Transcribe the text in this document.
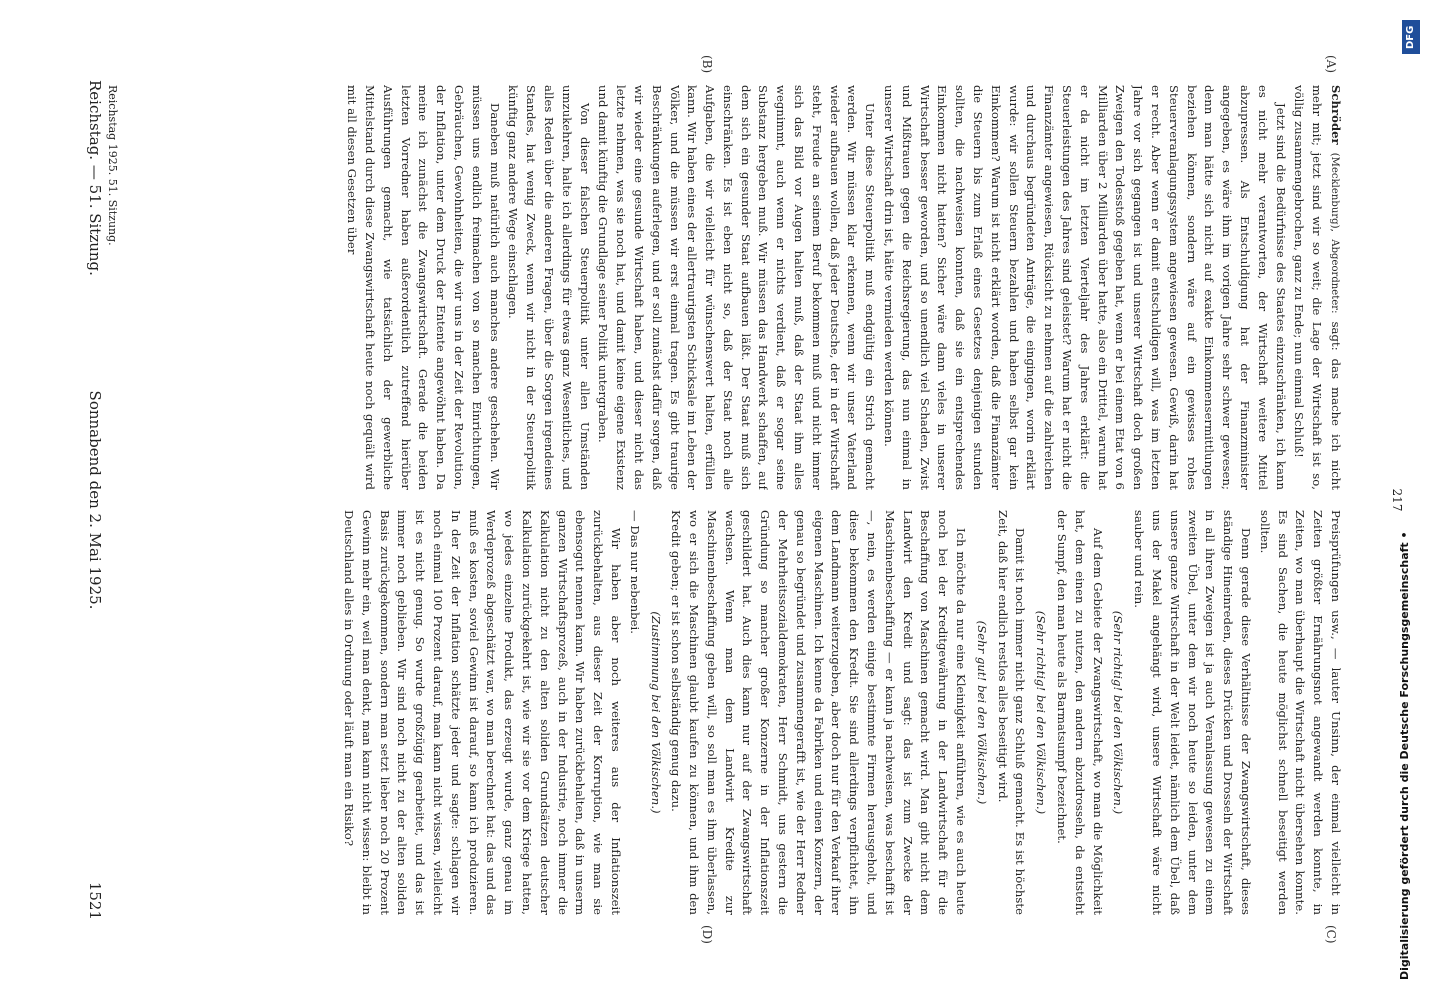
Reichstag. — 51. Sitzung.
Sonnabend den 2. Mai 1925.
1521
217
(A)
(B)
(C)
(D)

Schröder (Mecklenburg), Abgeordneter: sagt: das mache ich nicht mehr mit; jetzt sind wir so weit; die Lage der Wirtschaft ist so, völlig zusammengebrochen, ganz zu Ende; nun einmal Schluß!

Jetzt sind die Bedürfnisse des Staates einzuschränken, ich kann es nicht mehr verantworten, der Wirtschaft weitere Mittel abzupressen. Als Entschuldigung hat der Finanzminister angegeben, es wäre ihm im vorigen Jahre sehr schwer gewesen; denn man hätte sich nicht auf exakte Einkommensermittlungen beziehen können, sondern wäre auf ein gewisses rohes Steuerveranlagungssystem angewiesen gewesen. Gewiß, darin hat er recht. Aber wenn er damit entschuldigen will, was im letzten Jahre vor sich gegangen ist und unserer Wirtschaft doch großen Zweigen den Todesstoß gegeben hat, wenn er bei einem Etat von 6 Milliarden über 2 Milliarden über hatte, also ein Drittel, warum hat er da nicht im letzten Vierteljahr des Jahres erklärt: die Steuerleistungen des Jahres sind geleistet? Warum hat er nicht die Finanzämter angewiesen, Rücksicht zu nehmen auf die zahlreichen und durchaus begründeten Anträge, die eingingen, worin erklärt wurde: wir sollen Steuern bezahlen und haben selbst gar kein Einkommen? Warum ist nicht erklärt worden, daß die Finanzämter die Steuern bis zum Erlaß eines Gesetzes denjenigen stunden sollten, die nachweisen konnten, daß sie ein entsprechendes Einkommen nicht hatten? Sicher wäre dann vieles in unserer Wirtschaft besser geworden, und so unendlich viel Schaden, Zwist und Mißtrauen gegen die Reichsregierung, das nun einmal in unserer Wirtschaft drin ist, hätte vermieden werden können.

Unter diese Steuerpolitik muß endgültig ein Strich gemacht werden. Wir müssen klar erkennen, wenn wir unser Vaterland wieder aufbauen wollen, daß jeder Deutsche, der in der Wirtschaft steht, Freude an seinem Beruf bekommen muß und nicht immer sich das Bild vor Augen halten muß, daß der Staat ihm alles wegnimmt, auch wenn er nichts verdient, daß er sogar seine Substanz hergeben muß. Wir müssen das Handwerk schaffen, auf dem sich ein gesunder Staat aufbauen läßt. Der Staat muß sich einschränken. Es ist eben nicht so, daß der Staat noch alle Aufgaben, die wir vielleicht für wünschenswert halten, erfüllen kann. Wir haben eines der allertraurigsten Schicksale im Leben der Völker, und die müssen wir erst einmal tragen. Es gibt traurige Beschränkungen auferlegen, und er soll zunächst dafür sorgen, daß wir wieder eine gesunde Wirtschaft haben, und dieser nicht das letzte nehmen, was sie noch hat, und damit keine eigene Existenz und damit künftig die Grundlage seiner Politik untergraben.

Von dieser falschen Steuerpolitik unter allen Umständen umzukehren, halte ich allerdings für etwas ganz Wesentliches, und alles Reden über die anderen Fragen, über die Sorgen irgendeines Standes, hat wenig Zweck, wenn wir nicht in der Steuerpolitik künftig ganz andere Wege einschlagen.

Daneben muß natürlich auch manches andere geschehen. Wir müssen uns endlich freimachen von so manchen Einrichtungen, Gebräuchen, Gewohnheiten, die wir uns in der Zeit der Revolution, der Inflation, unter dem Druck der Entente angewöhnt haben. Da meine ich zunächst die Zwangswirtschaft. Gerade die beiden letzten Vorredner haben außerordentlich zutreffend hierüber Ausführungen gemacht, wie tatsächlich der gewerbliche Mittelstand durch diese Zwangswirtschaft heute noch gequält wird mit all diesen Gesetzen über

Preisprüfungen usw., — lauter Unsinn, der einmal vielleicht in Zeiten größter Ernährungsnot angewandt werden konnte, in Zeiten, wo man überhaupt die Wirtschaft nicht übersehen konnte. Es sind Sachen, die heute möglichst schnell beseitigt werden sollten.

Denn gerade diese Verhältnisse der Zwangswirtschaft, dieses ständige Hineinreden, dieses Drücken und Drosseln der Wirtschaft in all ihren Zweigen ist ja auch Veranlassung gewesen zu einem zweiten Übel, unter dem wir noch heute so leiden, unter dem unsere ganze Wirtschaft in der Welt leidet, nämlich dem Übel, daß uns der Makel angehängt wird, unsere Wirtschaft wäre nicht sauber und rein.

(Sehr richtig! bei den Völkischen.)

Auf dem Gebiete der Zwangswirtschaft, wo man die Möglichkeit hat, dem einen zu nutzen, den andern abzudrosseln, da entsteht der Sumpf, den man heute als Barmatsumpf bezeichnet.

(Sehr richtig! bei den Völkischen.)

Damit ist noch immer nicht ganz Schluß gemacht. Es ist höchste Zeit, daß hier endlich restlos alles beseitigt wird.

(Sehr gut! bei den Völkischen.)

Ich möchte da nur eine Kleinigkeit anführen, wie es auch heute noch bei der Kreditgewährung in der Landwirtschaft für die Beschaffung von Maschinen gemacht wird. Man gibt nicht dem Landwirt den Kredit und sagt: das ist zum Zwecke der Maschinenbeschaffung — er kann ja nachweisen, was beschafft ist —, nein, es werden einige bestimmte Firmen herausgeholt, und diese bekommen den Kredit. Sie sind allerdings verpflichtet, ihn dem Landmann weiterzugeben, aber doch nur für den Verkauf ihrer eigenen Maschinen. Ich kenne da Fabriken und einen Konzern, der genau so begründet und zusammengerafft ist, wie der Herr Redner der Mehrheitssozialdemokraten, Herr Schmidt, uns gestern die Gründung so mancher großer Konzerne in der Inflationszeit geschildert hat. Auch dies kann nur auf der Zwangswirtschaft wachsen. Wenn man dem Landwirt Kredite zur Maschinenbeschaffung geben will, so soll man es ihm überlassen, wo er sich die Maschinen glaubt kaufen zu können, und ihm den Kredit geben; er ist schon selbständig genug dazu.

(Zustimmung bei den Völkischen.)

— Das nur nebenbei.

Wir haben aber noch weiteres aus der Inflationszeit zurückbehalten, aus dieser Zeit der Korruption, wie man sie ebensogut nennen kann. Wir haben zurückbehalten, daß in unserm ganzen Wirtschaftsprozeß, auch in der Industrie, noch immer die Kalkulation nicht zu den alten soliden Grundsätzen deutscher Kalkulation zurückgekehrt ist, wie wir sie vor dem Kriege hatten, wo jedes einzelne Produkt, das erzeugt wurde, ganz genau im Werdeprozeß abgeschätzt war, wo man berechnet hat: das und das muß es kosten, soviel Gewinn ist darauf, so kann ich produzieren. In der Zeit der Inflation schätzte jeder und sagte: schlagen wir noch einmal 100 Prozent darauf, man kann nicht wissen, vielleicht ist es nicht genug. So wurde großzügig gearbeitet, und das ist immer noch geblieben. Wir sind noch nicht zu der alten soliden Basis zurückgekommen, sondern man setzt lieber noch 20 Prozent Gewinn mehr ein, weil man denkt, man kann nicht wissen: bleibt in Deutschland alles in Ordnung oder läuft man ein Risiko?

Reichstag 1925. 51. Sitzung.
DFG
Digitalisierung gefördert durch die Deutsche Forschungsgemeinschaft •
